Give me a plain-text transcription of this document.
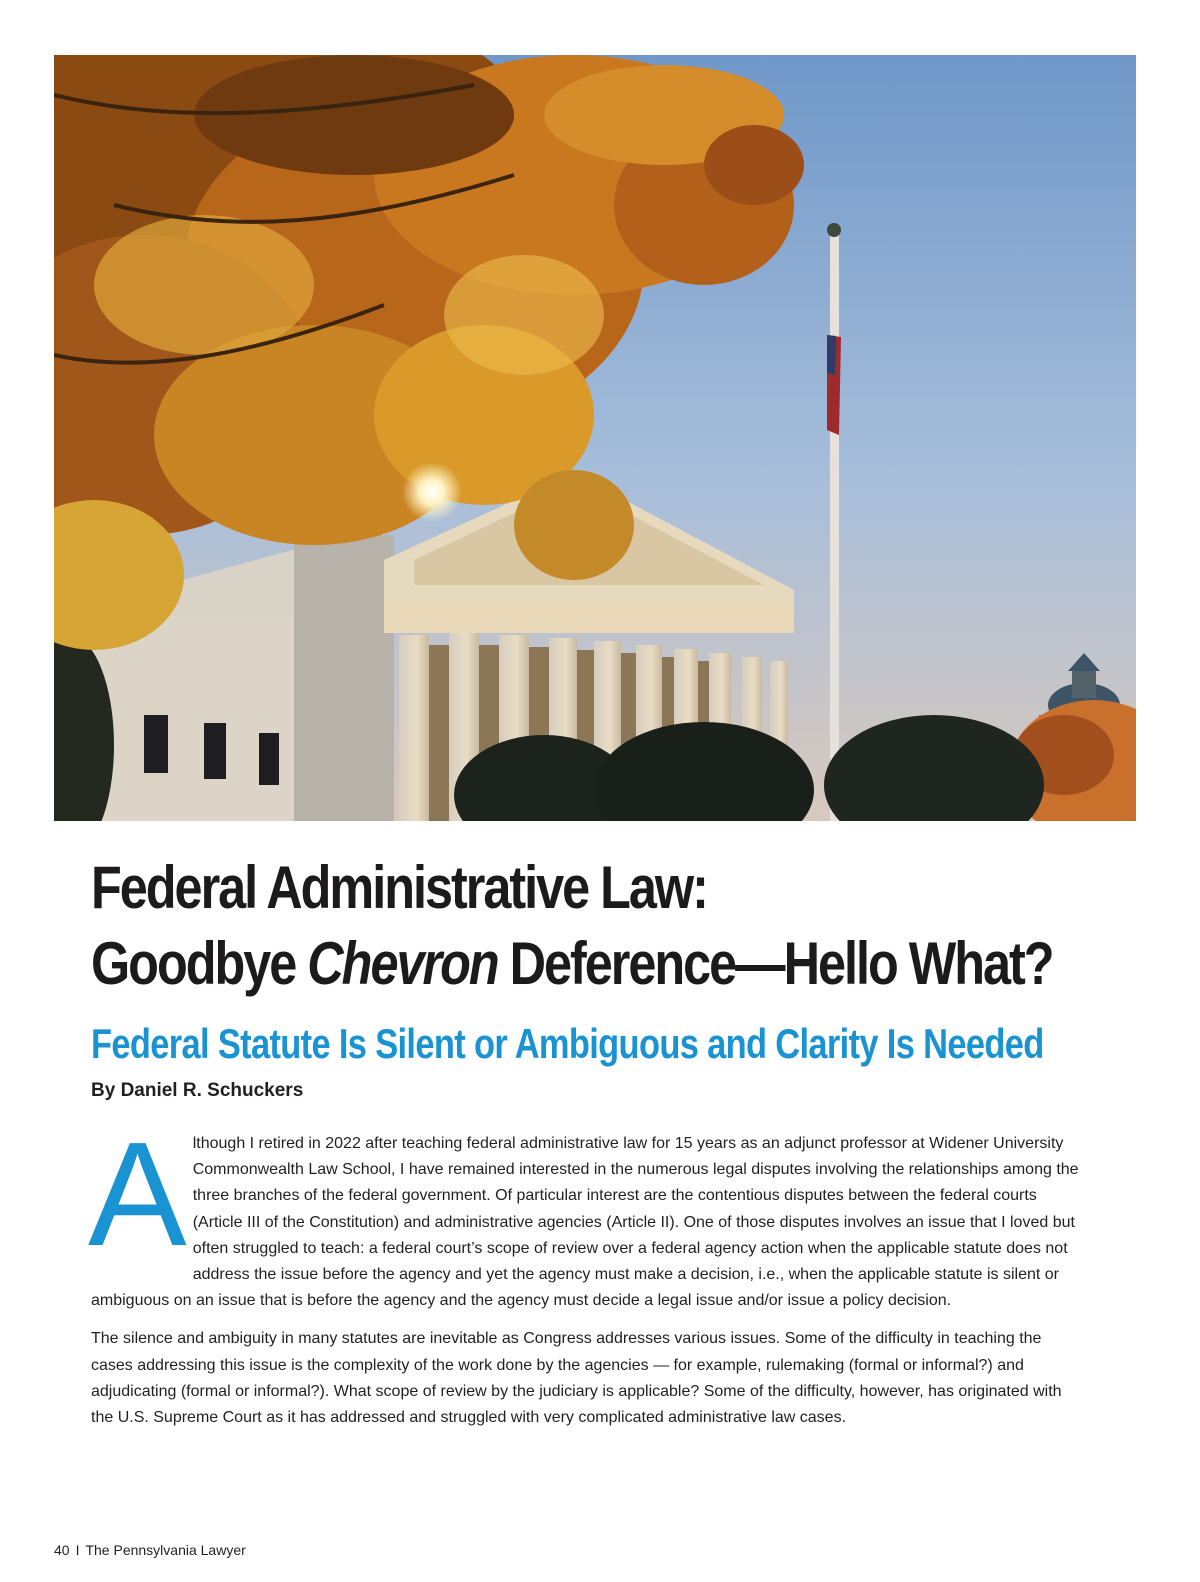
Federal Administrative Law:
Goodbye Chevron Deference—Hello What?
Federal Statute Is Silent or Ambiguous and Clarity Is Needed

By Daniel R. Schuckers

Although I retired in 2022 after teaching federal administrative law for 15 years as an adjunct professor at Widener University Commonwealth Law School, I have remained interested in the numerous legal disputes involving the relationships among the three branches of the federal government. Of particular interest are the contentious disputes between the federal courts (Article III of the Constitution) and administrative agencies (Article II). One of those disputes involves an issue that I loved but often struggled to teach: a federal court’s scope of review over a federal agency action when the applicable statute does not address the issue before the agency and yet the agency must make a decision, i.e., when the applicable statute is silent or ambiguous on an issue that is before the agency and the agency must decide a legal issue and/or issue a policy decision.

The silence and ambiguity in many statutes are inevitable as Congress addresses various issues. Some of the difficulty in teaching the cases addressing this issue is the complexity of the work done by the agencies — for example, rulemaking (formal or informal?) and adjudicating (formal or informal?). What scope of review by the judiciary is applicable? Some of the difficulty, however, has originated with the U.S. Supreme Court as it has addressed and struggled with very complicated administrative law cases.

40 I The Pennsylvania Lawyer
